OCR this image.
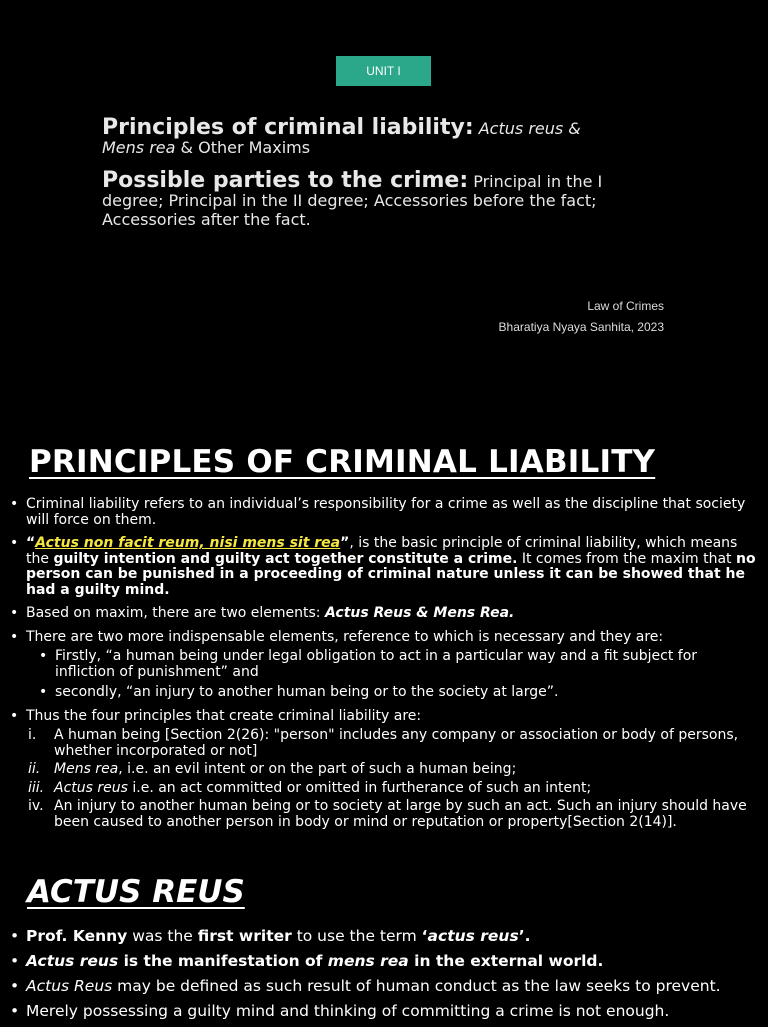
UNIT I

Principles of criminal liability: Actus reus &
Mens rea & Other Maxims

Possible parties to the crime: Principal in the I degree; Principal in the II degree; Accessories before the fact; Accessories after the fact.

Law of Crimes
Bharatiya Nyaya Sanhita, 2023
PRINCIPLES OF CRIMINAL LIABILITY
• Criminal liability refers to an individual’s responsibility for a crime as well as the discipline that society will force on them.
• “Actus non facit reum, nisi mens sit rea”, is the basic principle of criminal liability, which means the guilty intention and guilty act together constitute a crime. It comes from the maxim that no person can be punished in a proceeding of criminal nature unless it can be showed that he had a guilty mind.
• Based on maxim, there are two elements: Actus Reus & Mens Rea.
• There are two more indispensable elements, reference to which is necessary and they are:
• Firstly, “a human being under legal obligation to act in a particular way and a fit subject for infliction of punishment” and
• secondly, “an injury to another human being or to the society at large”.
• Thus the four principles that create criminal liability are:
i. A human being [Section 2(26): "person" includes any company or association or body of persons, whether incorporated or not]
ii. Mens rea, i.e. an evil intent or on the part of such a human being;
iii. Actus reus i.e. an act committed or omitted in furtherance of such an intent;
iv. An injury to another human being or to society at large by such an act. Such an injury should have been caused to another person in body or mind or reputation or property[Section 2(14)].
ACTUS REUS
• Prof. Kenny was the first writer to use the term ‘actus reus’.
• Actus reus is the manifestation of mens rea in the external world.
• Actus Reus may be defined as such result of human conduct as the law seeks to prevent.
• Merely possessing a guilty mind and thinking of committing a crime is not enough.
